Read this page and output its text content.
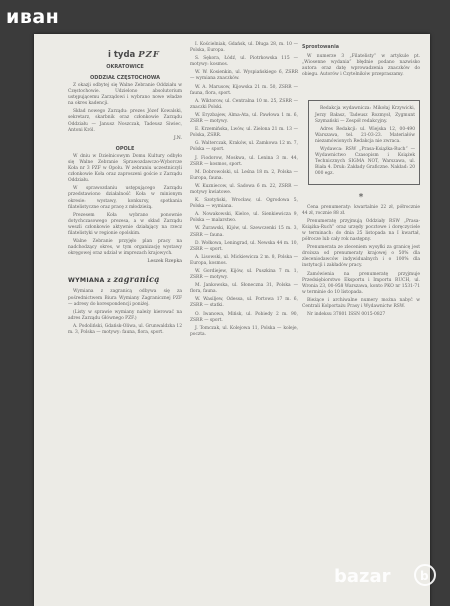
i tyda PZF
OKRATOWICE
ODDZIAŁ CZĘSTOCHOWA

Z okazji odbytej się Walne Zebranie Oddziału w Częstochowie. Udzielono absolutorium ustępującemu Zarządowi i wybrano nowe władze na okres kadencji.

Skład nowego Zarządu: prezes Józef Kowalski, sekretarz, skarbnik oraz członkowie Zarządu Oddziału — Janusz Noszczak, Tadeusz Siwiec, Antoni Król.

J.N.
OPOLE

W dniu w Dzielnicowym Domu Kultury odbyło się Walne Zebranie Sprawozdawczo-Wyborcze Koła nr 3 PZF w Opolu. W zebraniu uczestniczyli członkowie Koła oraz zaproszeni goście z Zarządu Oddziału.

W sprawozdaniu ustępującego Zarządu przedstawiono działalność Koła w minionym okresie: wystawy, konkursy, spotkania filatelistyczne oraz pracę z młodzieżą.

Prezesem Koła wybrano ponownie dotychczasowego prezesa, a w skład Zarządu weszli członkowie aktywnie działający na rzecz filatelistyki w regionie opolskim.

Walne Zebranie przyjęło plan pracy na nadchodzący okres, w tym organizację wystawy okręgowej oraz udział w imprezach krajowych.

Leszek Rzepka
WYMIANA z zagranicą

Wymiana z zagranicą odbywa się za pośrednictwem Biura Wymiany Zagranicznej PZF — adresy do korespondencji poniżej.

(Listy w sprawie wymiany należy kierować na adres Zarządu Głównego PZF.)

A. Podoliński, Gdańsk-Oliwa, ul. Grunwaldzka 12 m. 3, Polska — motywy: fauna, flora, sport.

I. Kościelniak, Gdańsk, ul. Długa 28, m. 10 — Polska, Europa.

S. Sękora, Łódź, ul. Piotrkowska 115 — motywy: kosmos.

W. W. Kosienkin, ul. Wyspiańskiego 6, ZSRR — wymiana znaczków.

W. A. Marusow, Kijowska 21 m. 50, ZSRR — fauna, flora, sport.

A. Wiktorow, ul. Centralna 10 m. 25, ZSRR — znaczki Polski.

W. Eryzbajew, Alma-Ata, ul. Pawłowa 1 m. 6, ZSRR — motywy.

E. Krzemińska, Lwów, ul. Zielona 21 m. 13 — Polska, ZSRR.

G. Walterczak, Kraków, ul. Zamkowa 12 m. 7, Polska — sport.

J. Fiodorow, Moskwa, ul. Lenina 3 m. 44, ZSRR — kosmos, sport.

M. Dobrowolski, ul. Leśna 18 m. 2, Polska — Europa, fauna.

W. Kuzniecow, ul. Sadowa 6 m. 22, ZSRR — motywy kwiatowe.

K. Szotyński, Wrocław, ul. Ogrodowa 5, Polska — wymiana.

A. Nowakowski, Kielce, ul. Sienkiewicza 9, Polska — malarstwo.

W. Żurawski, Kijów, ul. Szewczenki 15 m. 3, ZSRR — fauna.

D. Wołkowa, Leningrad, ul. Newska 44 m. 10, ZSRR — sport.

A. Lisowski, ul. Mickiewicza 2 m. 8, Polska — Europa, kosmos.

W. Gordiejew, Kijów, ul. Puszkina 7 m. 1, ZSRR — motywy.

M. Jankowska, ul. Słoneczna 31, Polska — flora, fauna.

W. Wasiljew, Odessa, ul. Portowa 17 m. 6, ZSRR — statki.

O. Iwanowa, Mińsk, ul. Pobiedy 2 m. 90, ZSRR — sport.

J. Tomczak, ul. Kolejowa 11, Polska — koleje, poczta.

Sprostowania

W numerze 3 „Filatelisty” w artykule pt. „Wiosenne wydania” błędnie podano nazwisko autora oraz datę wprowadzenia znaczków do obiegu. Autorów i Czytelników przepraszamy.

Redakcja wydawnicza: Mikołaj Krzywicki, Jerzy Bałasz, Tadeusz Rozmysł, Zygmunt Szymański — Zespół redakcyjny.

Adres Redakcji: ul. Wiejska 12, 00-490 Warszawa, tel. 21-03-23. Materiałów niezamówionych Redakcja nie zwraca.

Wydawca: RSW „Prasa-Książka-Ruch” — Wydawnictwo Czasopism i Książek Technicznych SIGMA NOT, Warszawa, ul. Biała 4. Druk: Zakłady Graficzne. Nakład: 20 000 egz.

*

Cena prenumeraty: kwartalnie 22 zł, półrocznie 44 zł, rocznie 88 zł.

Prenumeratę przyjmują Oddziały RSW „Prasa-Książka-Ruch” oraz urzędy pocztowe i doręczyciele w terminach: do dnia 25 listopada na I kwartał, półrocze lub cały rok następny.

Prenumerata ze zleceniem wysyłki za granicę jest droższa od prenumeraty krajowej o 50% dla zleceniodawców indywidualnych i o 100% dla instytucji i zakładów pracy.

Zamówienia na prenumeratę przyjmuje Przedsiębiorstwo Eksportu i Importu RUCH, ul. Wronia 23, 00-958 Warszawa, konto PKO nr 1531-71 w terminie do 10 listopada.

Bieżące i archiwalne numery można nabyć w Centrali Kolportażu Prasy i Wydawnictw RSW.

Nr indeksu 37801 ISSN 0015-0827

иван
bazar b
